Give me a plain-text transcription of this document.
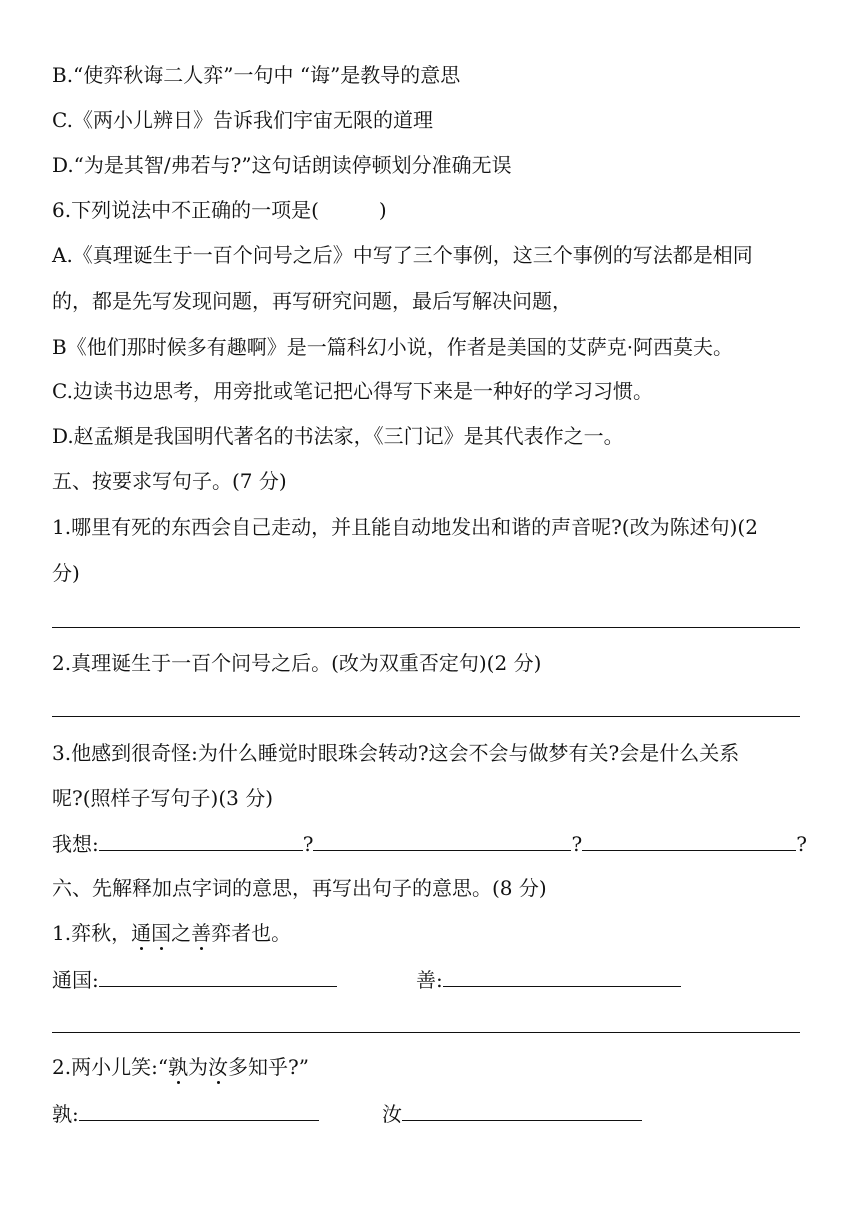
B.“使弈秋诲二人弈”一句中 “诲”是教导的意思
C.《两小儿辨日》告诉我们宇宙无限的道理
D.“为是其智/弗若与?”这句话朗读停顿划分准确无误
6.下列说法中不正确的一项是(　　　)
A.《真理诞生于一百个问号之后》中写了三个事例，这三个事例的写法都是相同
的，都是先写发现问题，再写研究问题，最后写解决问题，
B《他们那时候多有趣啊》是一篇科幻小说，作者是美国的艾萨克·阿西莫夫。
C.边读书边思考，用旁批或笔记把心得写下来是一种好的学习习惯。
D.赵孟頫是我国明代著名的书法家，《三门记》是其代表作之一。
五、按要求写句子。(7 分)
1.哪里有死的东西会自己走动，并且能自动地发出和谐的声音呢?(改为陈述句)(2
分)
2.真理诞生于一百个问号之后。(改为双重否定句)(2 分)
3.他感到很奇怪:为什么睡觉时眼珠会转动?这会不会与做梦有关?会是什么关系
呢?(照样子写句子)(3 分)
我想:	?	?	?
六、先解释加点字词的意思，再写出句子的意思。(8 分)
1.弈秋，通国之善弈者也。
通国:	善:
2.两小儿笑:“孰为汝多知乎?”
孰:	汝
